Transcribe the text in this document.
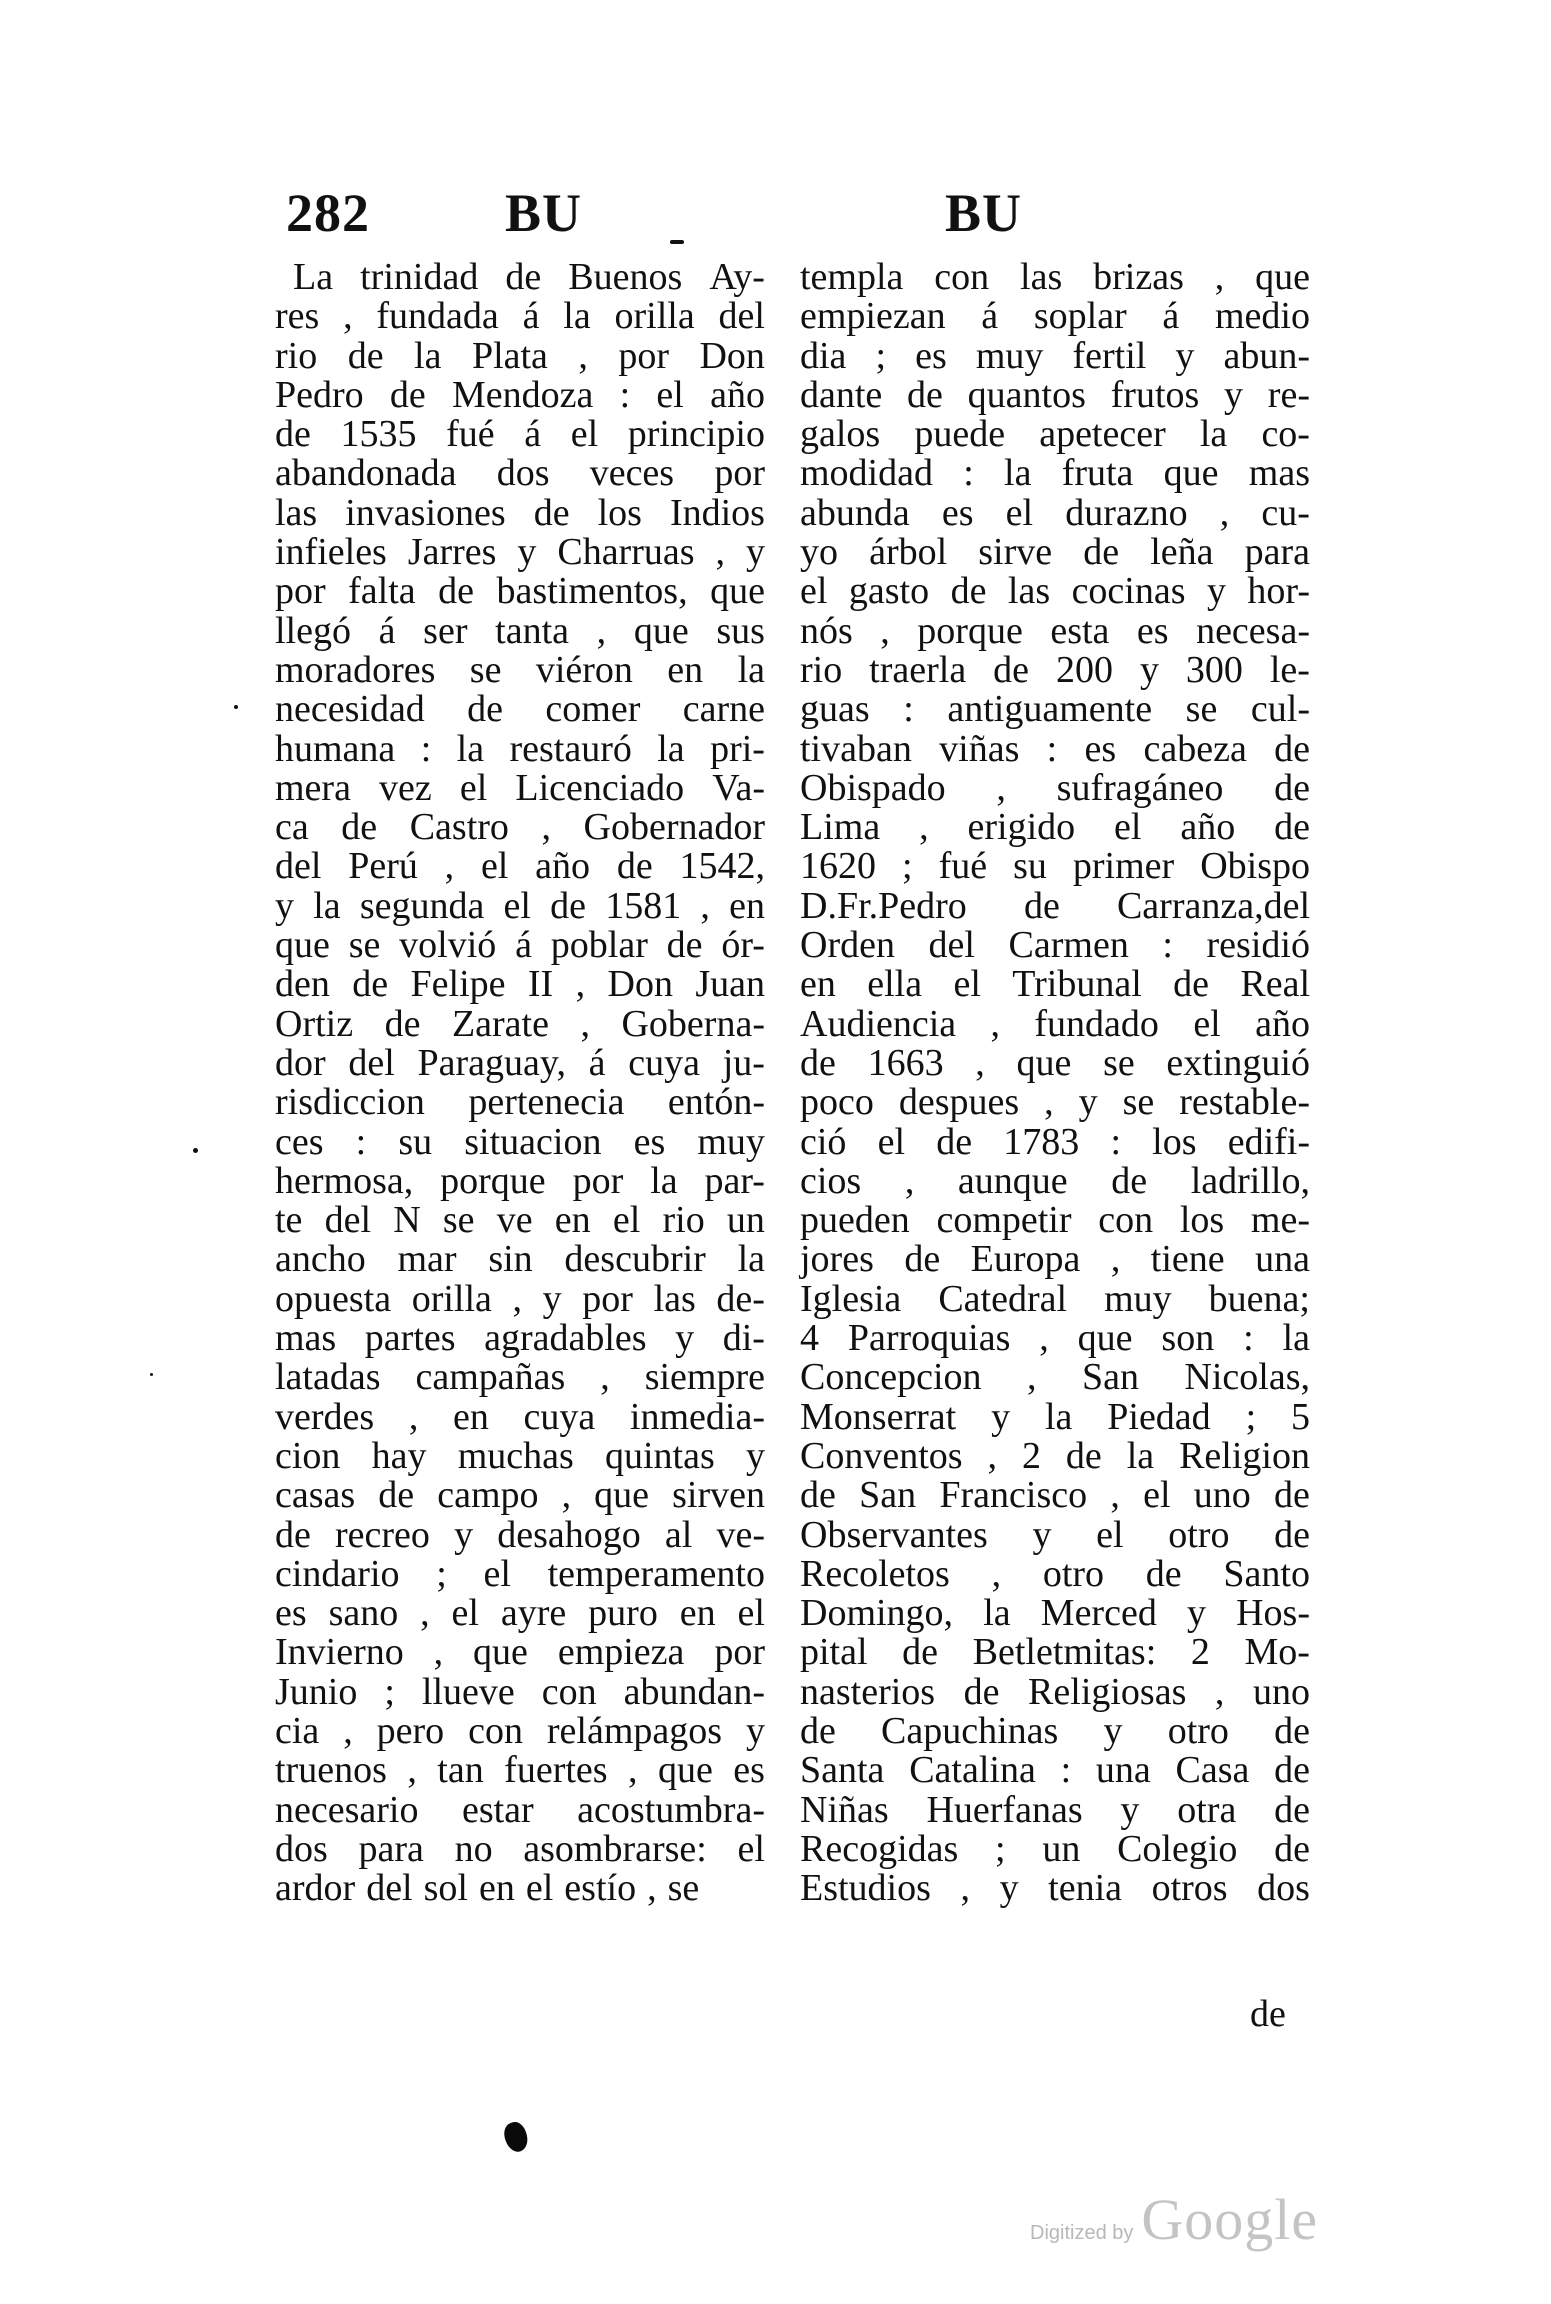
282	BU	BU
La trinidad de Buenos Ay-
res , fundada á la orilla del
rio de la Plata , por Don
Pedro de Mendoza : el año
de 1535 fué á el principio
abandonada dos veces por
las invasiones de los Indios
infieles Jarres y Charruas , y
por falta de bastimentos, que
llegó á ser tanta , que sus
moradores se viéron en la
necesidad de comer carne
humana : la restauró la pri-
mera vez el Licenciado Va-
ca de Castro , Gobernador
del Perú , el año de 1542,
y la segunda el de 1581 , en
que se volvió á poblar de ór-
den de Felipe II , Don Juan
Ortiz de Zarate , Goberna-
dor del Paraguay, á cuya ju-
risdiccion pertenecia entón-
ces : su situacion es muy
hermosa, porque por la par-
te del N se ve en el rio un
ancho mar sin descubrir la
opuesta orilla , y por las de-
mas partes agradables y di-
latadas campañas , siempre
verdes , en cuya inmedia-
cion hay muchas quintas y
casas de campo , que sirven
de recreo y desahogo al ve-
cindario ; el temperamento
es sano , el ayre puro en el
Invierno , que empieza por
Junio ; llueve con abundan-
cia , pero con relámpagos y
truenos , tan fuertes , que es
necesario estar acostumbra-
dos para no asombrarse: el
ardor del sol en el estío , se
templa con las brizas , que
empiezan á soplar á medio
dia ; es muy fertil y abun-
dante de quantos frutos y re-
galos puede apetecer la co-
modidad : la fruta que mas
abunda es el durazno , cu-
yo árbol sirve de leña para
el gasto de las cocinas y hor-
nós , porque esta es necesa-
rio traerla de 200 y 300 le-
guas : antiguamente se cul-
tivaban viñas : es cabeza de
Obispado , sufragáneo de
Lima , erigido el año de
1620 ; fué su primer Obispo
D.Fr.Pedro de Carranza,del
Orden del Carmen : residió
en ella el Tribunal de Real
Audiencia , fundado el año
de 1663 , que se extinguió
poco despues , y se restable-
ció el de 1783 : los edifi-
cios , aunque de ladrillo,
pueden competir con los me-
jores de Europa , tiene una
Iglesia Catedral muy buena;
4 Parroquias , que son : la
Concepcion , San Nicolas,
Monserrat y la Piedad ; 5
Conventos , 2 de la Religion
de San Francisco , el uno de
Observantes y el otro de
Recoletos , otro de Santo
Domingo, la Merced y Hos-
pital de Betletmitas: 2 Mo-
nasterios de Religiosas , uno
de Capuchinas y otro de
Santa Catalina : una Casa de
Niñas Huerfanas y otra de
Recogidas ; un Colegio de
Estudios , y tenia otros dos
de
Digitized by Google
